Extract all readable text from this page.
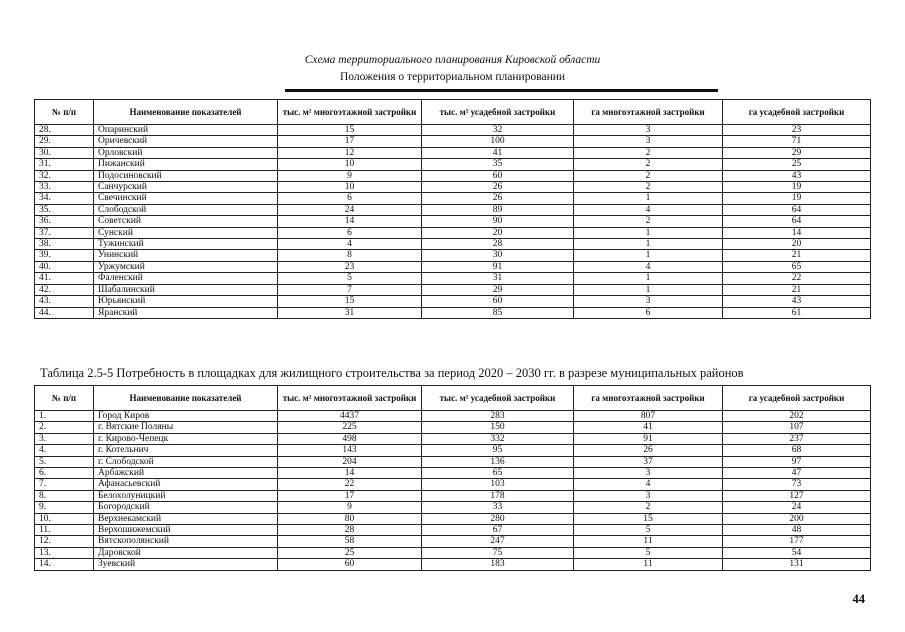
Схема территориального планирования Кировской области
Положения о территориальном планировании
№ п/п	Наименование показателей	тыс. м² многоэтажной застройки	тыс. м² усадебной застройки	га многоэтажной застройки	га усадебной застройки
28.	Опаринский	15	32	3	23
29.	Оричевский	17	100	3	71
30.	Орловский	12	41	2	29
31.	Пижанский	10	35	2	25
32.	Подосиновский	9	60	2	43
33.	Санчурский	10	26	2	19
34.	Свечинский	6	26	1	19
35.	Слободской	24	89	4	64
36.	Советский	14	90	2	64
37.	Сунский	6	20	1	14
38.	Тужинский	4	28	1	20
39.	Унинский	8	30	1	21
40.	Уржумский	23	91	4	65
41.	Фаленский	5	31	1	22
42.	Шабалинский	7	29	1	21
43.	Юрьянский	15	60	3	43
44.	Яранский	31	85	6	61
Таблица 2.5-5 Потребность в площадках для жилищного строительства за период 2020 – 2030 гг. в разрезе муниципальных районов
№ п/п	Наименование показателей	тыс. м² многоэтажной застройки	тыс. м² усадебной застройки	га многоэтажной застройки	га усадебной застройки
1.	Город Киров	4437	283	807	202
2.	г. Вятские Поляны	225	150	41	107
3.	г. Кирово-Чепецк	498	332	91	237
4.	г. Котельнич	143	95	26	68
5.	г. Слободской	204	136	37	97
6.	Арбажский	14	65	3	47
7.	Афанасьевский	22	103	4	73
8.	Белохолуницкий	17	178	3	127
9.	Богородский	9	33	2	24
10.	Верхнекамский	80	280	15	200
11.	Верхошижемский	28	67	5	48
12.	Вятскополянский	58	247	11	177
13.	Даровской	25	75	5	54
14.	Зуевский	60	183	11	131
44
